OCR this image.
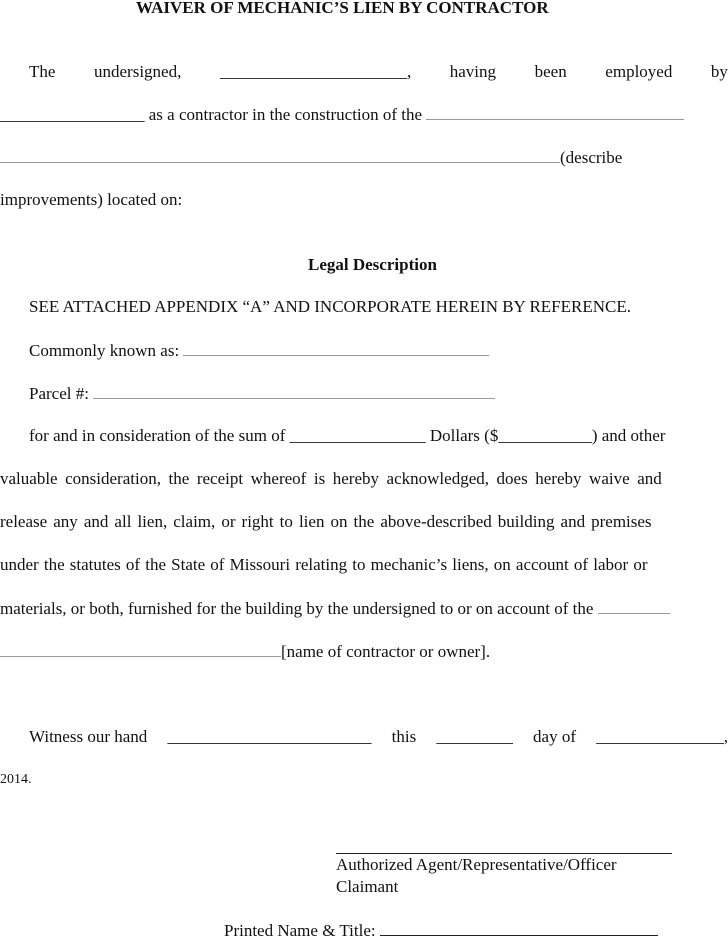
WAIVER OF MECHANIC’S LIEN BY CONTRACTOR
The undersigned, ______________________, having been employed by
_________________ as a contractor in the construction of the
(describe
improvements) located on:
Legal Description
SEE ATTACHED APPENDIX “A” AND INCORPORATE HEREIN BY REFERENCE.
Commonly known as:
Parcel #:
for and in consideration of the sum of ________________ Dollars ($___________) and other
valuable consideration, the receipt whereof is hereby acknowledged, does hereby waive and
release any and all lien, claim, or right to lien on the above-described building and premises
under the statutes of the State of Missouri relating to mechanic’s liens, on account of labor or
materials, or both, furnished for the building by the undersigned to or on account of the
[name of contractor or owner].
Witness our hand ________________________ this _________ day of _______________,
2014.
Authorized Agent/Representative/Officer
Claimant
Printed Name & Title:
